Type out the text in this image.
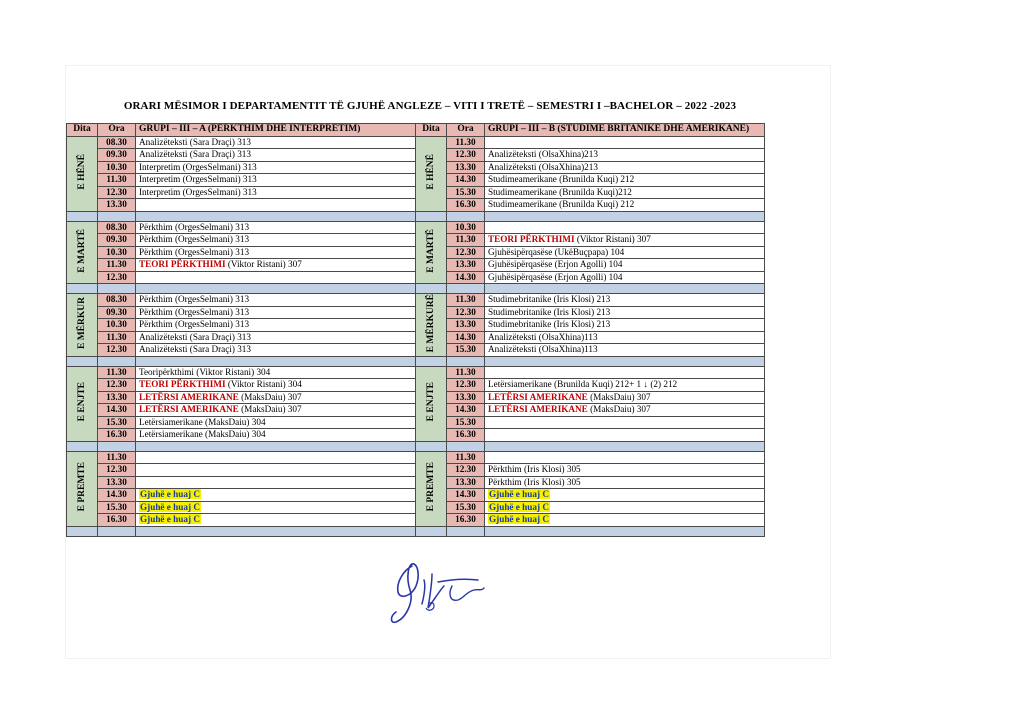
ORARI MËSIMOR I DEPARTAMENTIT TË GJUHË ANGLEZE – VITI I TRETË – SEMESTRI I –BACHELOR – 2022 -2023
Dita	Ora	GRUPI – III – A (PËRKTHIM DHE INTERPRETIM)	Dita	Ora	GRUPI – III – B (STUDIME BRITANIKE DHE AMERIKANE)
E HËNË	08.30	Analizëteksti (Sara Draçi) 313	E HËNË	11.30	
	09.30	Analizëteksti (Sara Draçi) 313		12.30	Analizëteksti (OlsaXhina)213
	10.30	Interpretim (OrgesSelmani) 313		13.30	Analizëteksti (OlsaXhina)213
	11.30	Interpretim (OrgesSelmani) 313		14.30	Studimeamerikane (Brunilda Kuqi) 212
	12.30	Interpretim (OrgesSelmani) 313		15.30	Studimeamerikane (Brunilda Kuqi)212
	13.30			16.30	Studimeamerikane (Brunilda Kuqi) 212

E MARTË	08.30	Përkthim (OrgesSelmani) 313	E MARTË	10.30	
	09.30	Përkthim (OrgesSelmani) 313		11.30	TEORI PËRKTHIMI (Viktor Ristani) 307
	10.30	Përkthim (OrgesSelmani) 313		12.30	Gjuhësipërqasëse (UkëBuçpapa) 104
	11.30	TEORI PËRKTHIMI (Viktor Ristani) 307		13.30	Gjuhësipërqasëse (Erjon Agolli) 104
	12.30			14.30	Gjuhësipërqasëse (Erjon Agolli) 104

E MËRKUR	08.30	Përkthim (OrgesSelmani) 313	E MËRKURË	11.30	Studimebritanike (Iris Klosi) 213
	09.30	Përkthim (OrgesSelmani) 313		12.30	Studimebritanike (Iris Klosi) 213
	10.30	Përkthim (OrgesSelmani) 313		13.30	Studimebritanike (Iris Klosi) 213
	11.30	Analizëteksti (Sara Draçi) 313		14.30	Analizëteksti (OlsaXhina)113
	12.30	Analizëteksti (Sara Draçi) 313		15.30	Analizëteksti (OlsaXhina)113

E ENJTE	11.30	Teoripërkthimi (Viktor Ristani) 304	E ENJTE	11.30	
	12.30	TEORI PËRKTHIMI (Viktor Ristani) 304		12.30	Letërsiamerikane (Brunilda Kuqi) 212+ 1 ↓ (2) 212
	13.30	LETËRSI AMERIKANE (MaksDaiu) 307		13.30	LETËRSI AMERIKANE (MaksDaiu) 307
	14.30	LETËRSI AMERIKANE (MaksDaiu) 307		14.30	LETËRSI AMERIKANE (MaksDaiu) 307
	15.30	Letërsiamerikane (MaksDaiu) 304		15.30	
	16.30	Letërsiamerikane (MaksDaiu) 304		16.30	

E PREMTE	11.30		E PREMTE	11.30	
	12.30			12.30	Përkthim (Iris Klosi) 305
	13.30			13.30	Përkthim (Iris Klosi) 305
	14.30	Gjuhë e huaj C		14.30	Gjuhë e huaj C
	15.30	Gjuhë e huaj C		15.30	Gjuhë e huaj C
	16.30	Gjuhë e huaj C		16.30	Gjuhë e huaj C
